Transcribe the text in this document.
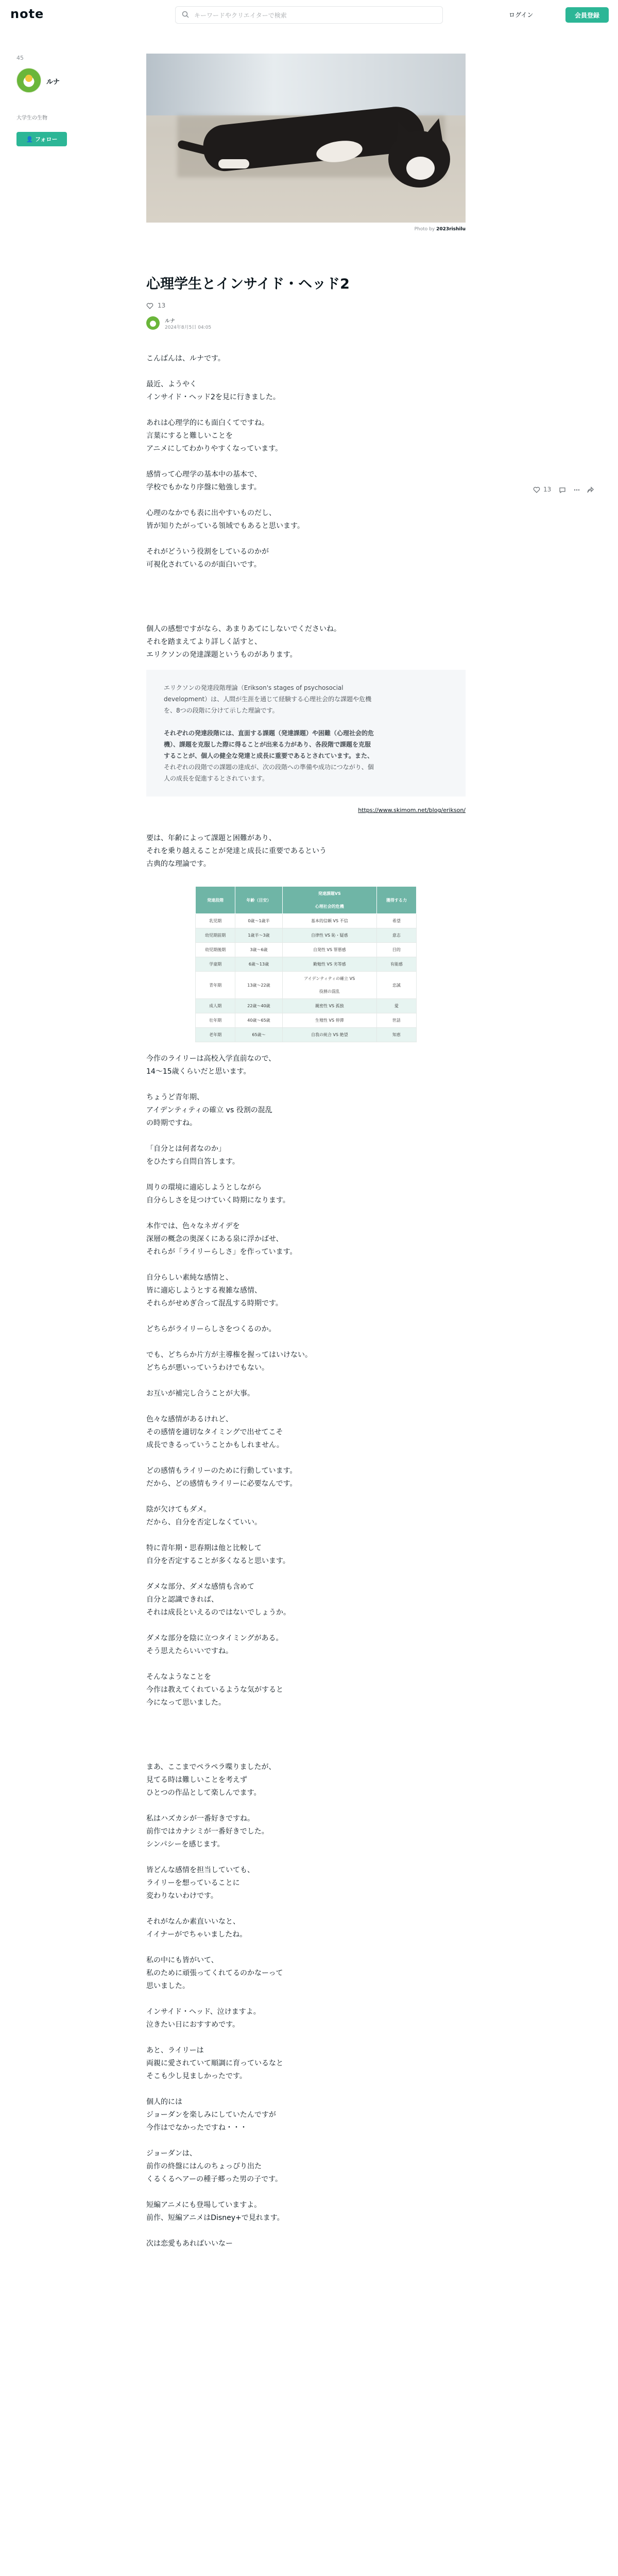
note
キーワードやクリエイターで検索	ログイン	会員登録
45
ルナ
大学生の生物
👤 フォロー
13
Photo by 2023rishilu
心理学生とインサイド・ヘッド2
13
ルナ
2024年8月5日 04:05

こんばんは、ルナです。

最近、ようやく

インサイド・ヘッド2を見に行きました。

あれは心理学的にも面白くてですね。

言葉にすると難しいことを

アニメにしてわかりやすくなっています。

感情って心理学の基本中の基本で、

学校でもかなり序盤に勉強します。

心理のなかでも表に出やすいものだし、

皆が知りたがっている領域でもあると思います。

それがどういう役割をしているのかが

可視化されているのが面白いです。

個人の感想ですがなら、あまりあてにしないでくださいね。

それを踏まえてより詳しく話すと、

エリクソンの発達課題というものがあります。

エリクソンの発達段階理論（Erikson's stages of psychosocial

development）は、人間が生涯を通じて経験する心理社会的な課題や危機

を、8つの段階に分けて示した理論です。

それぞれの発達段階には、直面する課題（発達課題）や困難（心理社会的危

機）、課題を克服した際に得ることが出来る力があり、各段階で課題を克服

することが、個人の健全な発達と成長に重要であるとされています。また、

それぞれの段階での課題の達成が、次の段階への準備や成功につながり、個

人の成長を促進するとされています。

https://www.skimom.net/blog/erikson/

要は、年齢によって課題と困難があり、

それを乗り越えることが発達と成長に重要であるという

古典的な理論です。

発達段階	年齢（目安）	発達課題VS
心理社会的危機	獲得する力
乳児期	0歳〜1歳半	基本的信頼 VS 不信	希望
幼児期前期	1歳半〜3歳	自律性 VS 恥・疑惑	意志
幼児期後期	3歳〜6歳	自発性 VS 罪悪感	目的
学童期	6歳〜13歳	勤勉性 VS 劣等感	有能感
青年期	13歳〜22歳	アイデンティティの確立 VS
役割の混乱	忠誠
成人期	22歳〜40歳	親密性 VS 孤独	愛
壮年期	40歳〜65歳	生殖性 VS 停滞	世話
老年期	65歳〜	自我の統合 VS 絶望	知恵

今作のライリーは高校入学直前なので、

14〜15歳くらいだと思います。

ちょうど青年期、

アイデンティティの確立 vs 役割の混乱

の時期ですね。

「自分とは何者なのか」

をひたすら自問自答します。

周りの環境に適応しようとしながら

自分らしさを見つけていく時期になります。

本作では、色々なネガイデを

深層の概念の奥深くにある泉に浮かばせ、

それらが「ライリーらしさ」を作っています。

自分らしい素純な感情と、

皆に適応しようとする複雑な感情、

それらがせめぎ合って混乱する時期です。

どちらがライリーらしさをつくるのか。

でも、どちらか片方が主導権を握ってはいけない。

どちらが悪いっていうわけでもない。

お互いが補完し合うことが大事。

色々な感情があるけれど、

その感情を適切なタイミングで出せてこそ

成長できるっていうことかもしれません。

どの感情もライリーのために行動しています。

だから、どの感情もライリーに必要なんです。

陰が欠けてもダメ。

だから、自分を否定しなくていい。

特に青年期・思春期は他と比較して

自分を否定することが多くなると思います。

ダメな部分、ダメな感情も含めて

自分と認識できれば、

それは成長といえるのではないでしょうか。

ダメな部分を陰に立つタイミングがある。

そう思えたらいいですね。

そんなようなことを

今作は教えてくれているような気がすると

今になって思いました。

まあ、ここまでペラペラ喋りましたが、

見てる時は難しいことを考えず

ひとつの作品として楽しんでます。

私はハズカシが一番好きですね。

前作ではカナシミが一番好きでした。

シンパシーを感じます。

皆どんな感情を担当していても、

ライリーを想っていることに

変わりないわけです。

それがなんか素直いいなと、

イイナーがでちゃいましたね。

私の中にも皆がいて、

私のために頑張ってくれてるのかなーって

思いました。

インサイド・ヘッド、泣けますよ。

泣きたい日におすすめです。

あと、ライリーは

両親に愛されていて順調に育っているなと

そこも少し見ましかったです。

個人的には

ジョーダンを楽しみにしていたんですが

今作はでなかったですね・・・

ジョーダンは、

前作の終盤にはんのちょっぴり出た

くるくるヘアーの種子郷った男の子です。

短編アニメにも登場していますよ。

前作、短編アニメはDisney+で見れます。

次は恋愛もあればいいなー
